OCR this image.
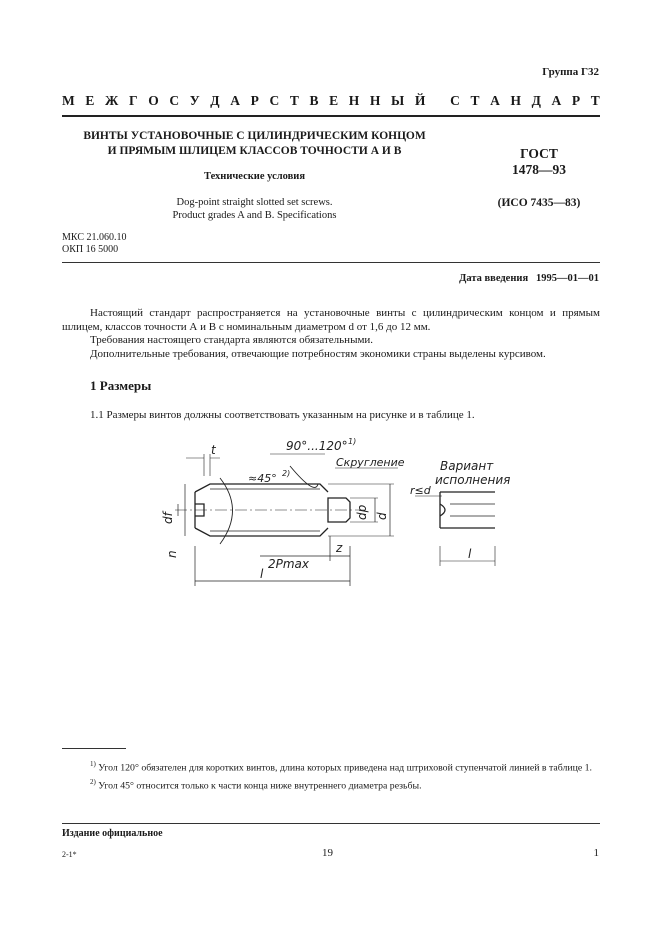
Группа Г32
М Е Ж Г О С У Д А Р С Т В Е Н Н Ы Й
С Т А Н Д А Р Т
ВИНТЫ УСТАНОВОЧНЫЕ С ЦИЛИНДРИЧЕСКИМ КОНЦОМ
И ПРЯМЫМ ШЛИЦЕМ КЛАССОВ ТОЧНОСТИ А И В
Технические условия
Dog-point straight slotted set screws.
Product grades A and B. Specifications
ГОСТ
1478—93
(ИСО 7435—83)
МКС 21.060.10
ОКП 16 5000
Дата введения 1995—01—01

Настоящий стандарт распространяется на установочные винты с цилиндрическим концом и прямым шлицем, классов точности А и В с номинальным диаметром d от 1,6 до 12 мм.

Требования настоящего стандарта являются обязательными.

Дополнительные требования, отвечающие потребностям экономики страны выделены курсивом.

1 Размеры
1.1 Размеры винтов должны соответствовать указанным на рисунке и в таблице 1.
t	90°...120° 1)
≈45° 2)
Скругление	Вариант
исполнения
r≤d
df
n
dp d
2Pmax
z
l
l

$^{1)}$ Угол 120° обязателен для коротких винтов, длина которых приведена над штриховой ступенчатой линией в таблице 1.

$^{2)}$ Угол 45° относится только к части конца ниже внутреннего диаметра резьбы.

Издание официальное
2-1*	19	1
